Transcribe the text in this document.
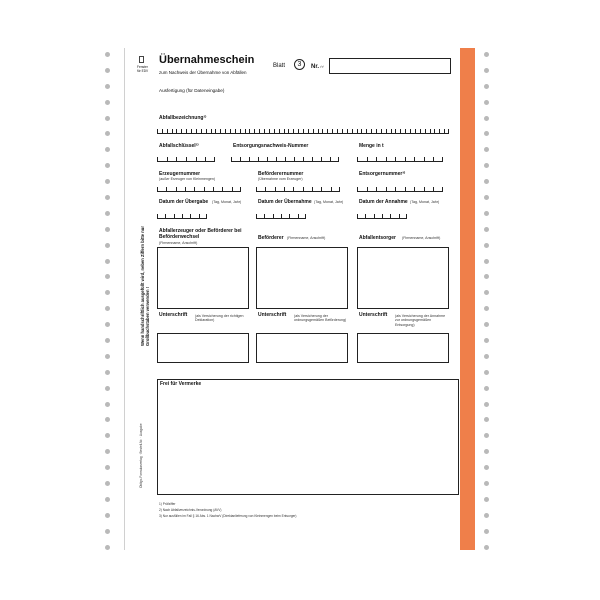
Fenster für EDV
Übernahmeschein
zum Nachweis der Übernahme von Abfällen
Blatt	3	Nr. ¹⁾²⁾
Ausfertigung (für Dateneingabe)
Abfallbezeichnung²⁾
Abfallschlüssel²⁾	Entsorgungsnachweis-Nummer	Menge in t
Erzeugernummer
(außer Erzeuger von Kleinmengen)
Beförderernummer
(Übernahme vom Erzeuger)
Entsorgernummer³⁾
Datum der Übergabe (Tag, Monat, Jahr)	Datum der Übernahme (Tag, Monat, Jahr)	Datum der Annahme (Tag, Monat, Jahr)
Abfallerzeuger oder Beförderer bei Beförderwechsel
(Firmenname, Anschrift)
Beförderer (Firmenname, Anschrift)	Abfallentsorger (Firmenname, Anschrift)
Unterschrift (als Versicherung der richtigen Deklaration)
Unterschrift (als Versicherung der ordnungsgemäßen Beförderung)
Unterschrift (als Versicherung der Annahme zur ordnungsgemäßen Entsorgung)
Frei für Vermerke
1) Prüfziffer
2) Nach Abfallverzeichnis-Verordnung (AVV)
3) Nur ausfüllen im Fall § 16 Abs. 1 NachwV (Direktanlieferung von Kleinmengen beim Entsorger)
Wenn handschriftlich ausgefüllt wird, neben Ziffern bitte nur Großbuchstaben verwenden !
Obligo-Formularverlag · Bestell-Nr. · Ausgabe
